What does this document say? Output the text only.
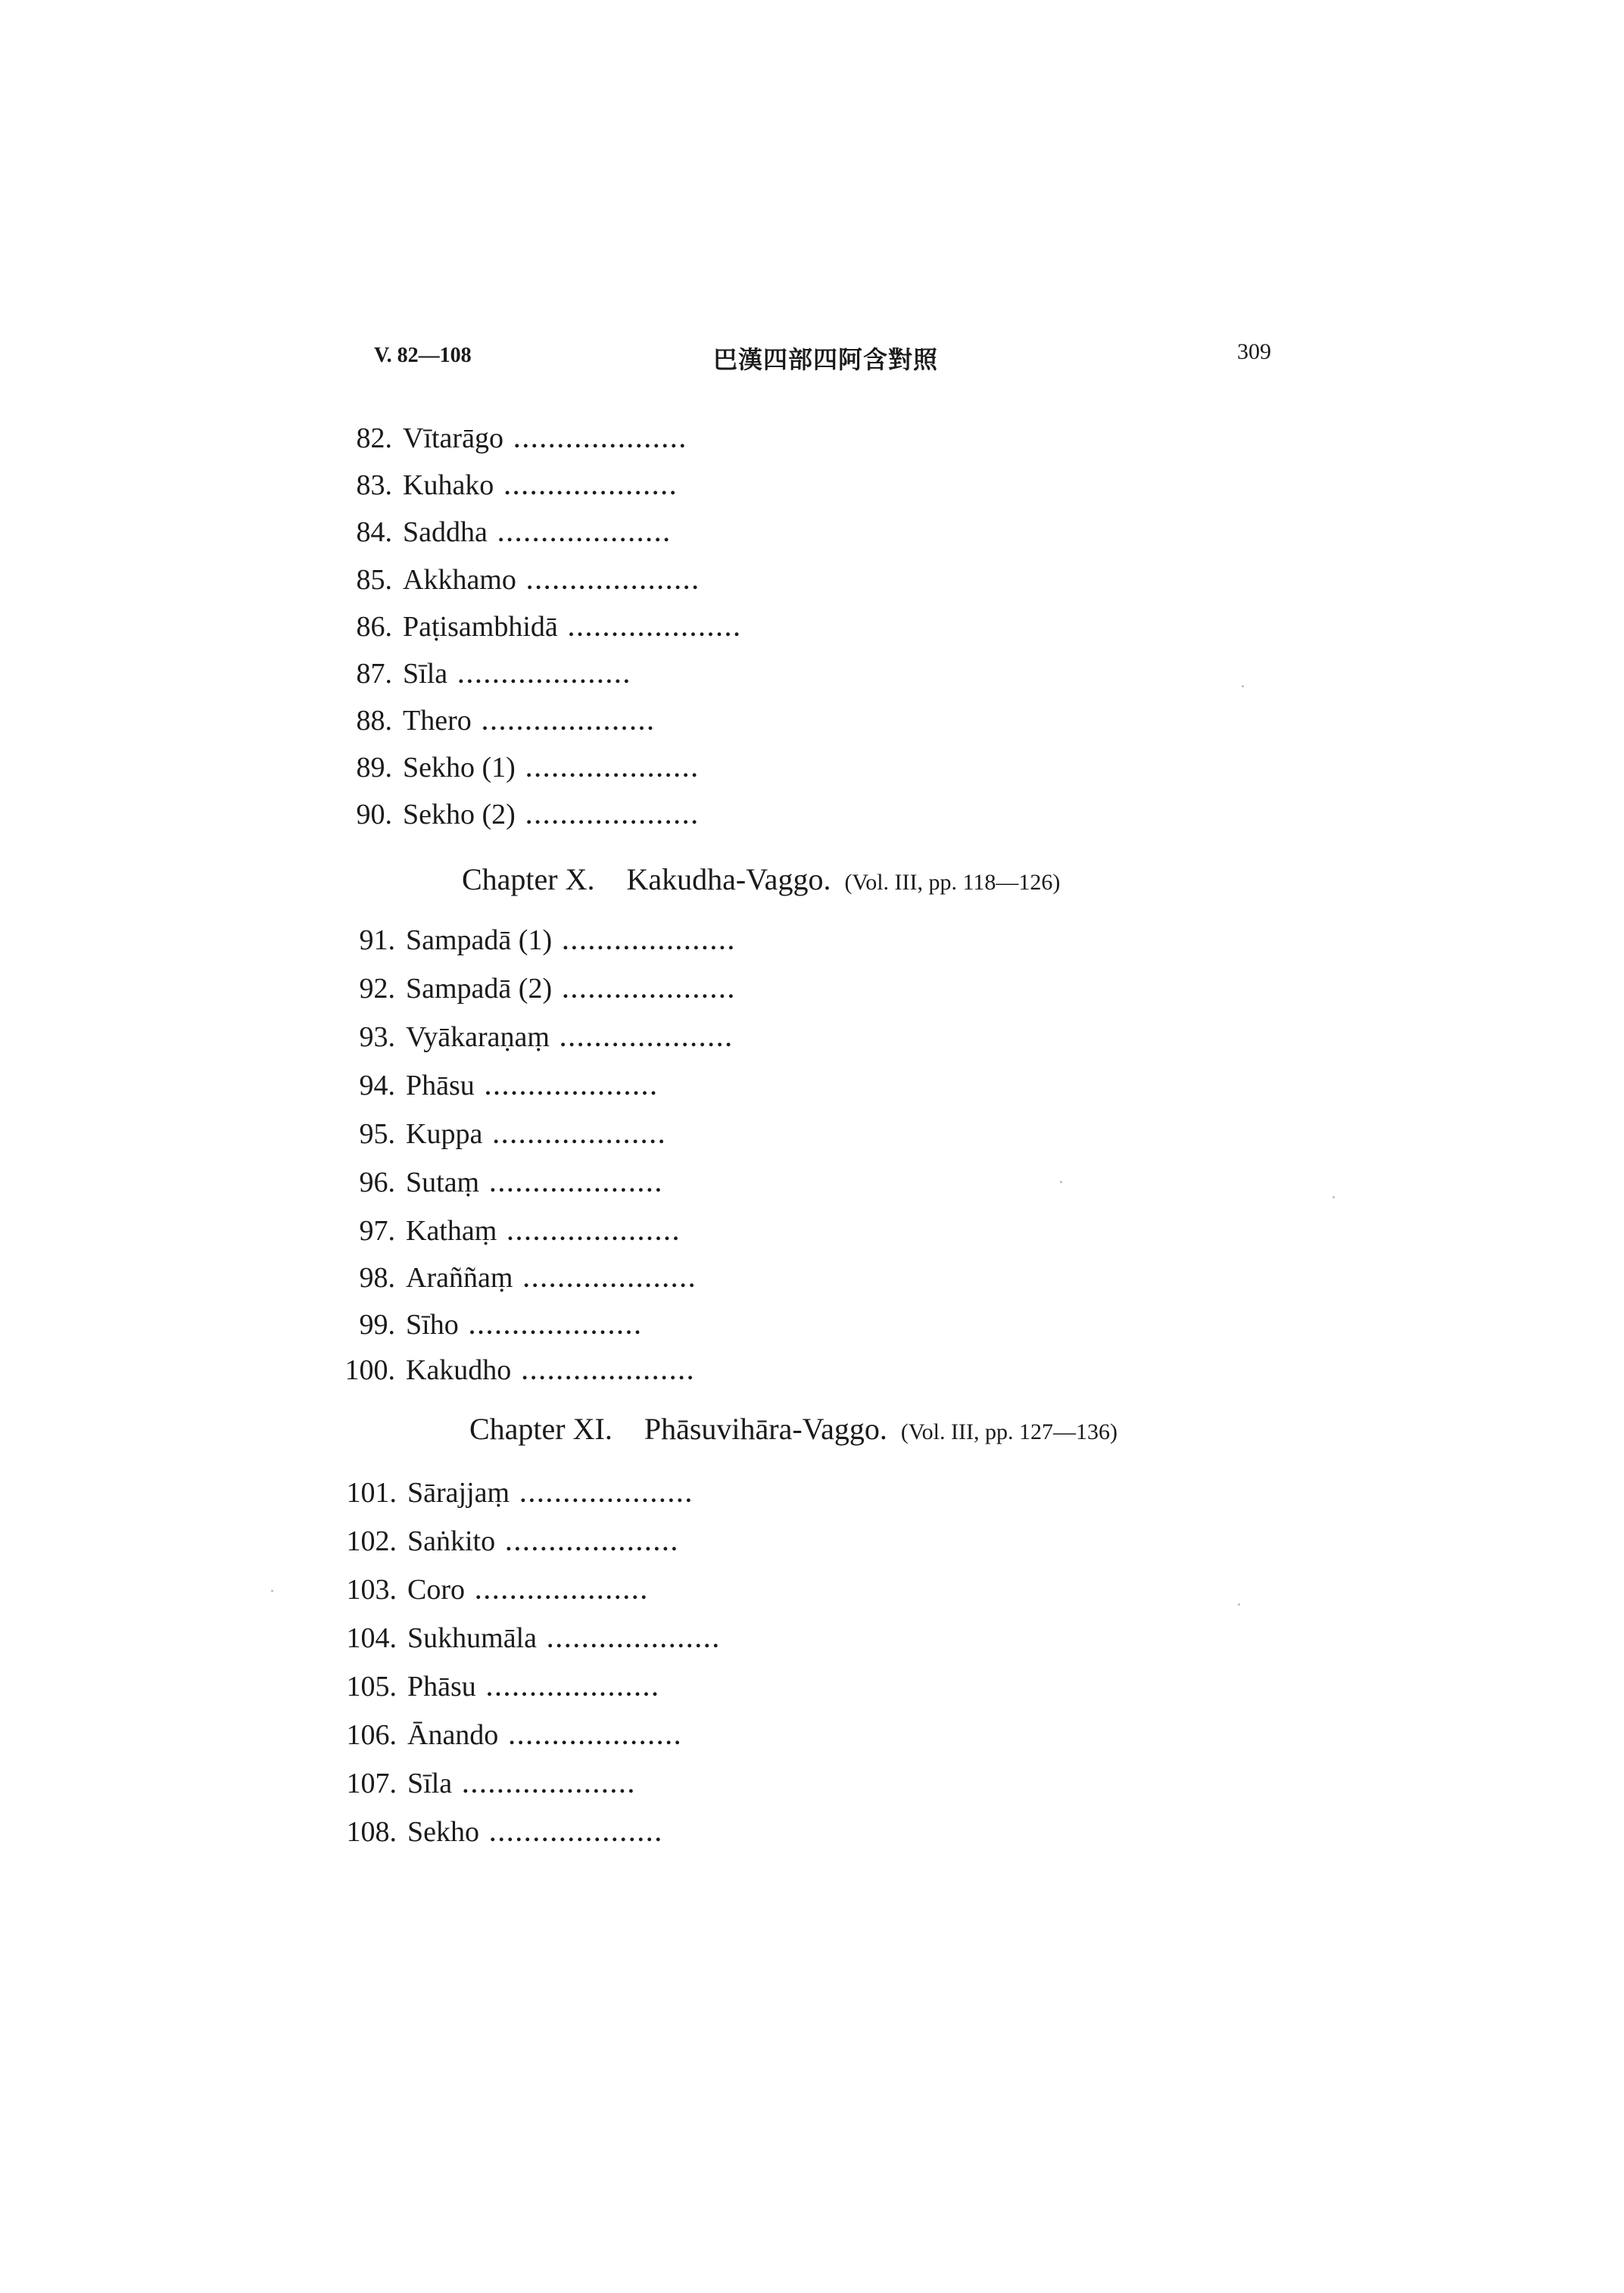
V. 82—108	巴漢四部四阿含對照	309
82. Vītarāgo ....................
83. Kuhako ....................
84. Saddha ....................
85. Akkhamo ....................
86. Paṭisambhidā ....................
87. Sīla ....................
88. Thero ....................
89. Sekho (1) ....................
90. Sekho (2) ....................
Chapter X. Kakudha-Vaggo. (Vol. III, pp. 118—126)
91. Sampadā (1) ....................
92. Sampadā (2) ....................
93. Vyākaraṇaṃ ....................
94. Phāsu ....................
95. Kuppa ....................
96. Sutaṃ ....................
97. Kathaṃ ....................
98. Araññaṃ ....................
99. Sīho ....................
100. Kakudho ....................
Chapter XI. Phāsuvihāra-Vaggo. (Vol. III, pp. 127—136)
101. Sārajjaṃ ....................
102. Saṅkito ....................
103. Coro ....................
104. Sukhumāla ....................
105. Phāsu ....................
106. Ānando ....................
107. Sīla ....................
108. Sekho ....................
